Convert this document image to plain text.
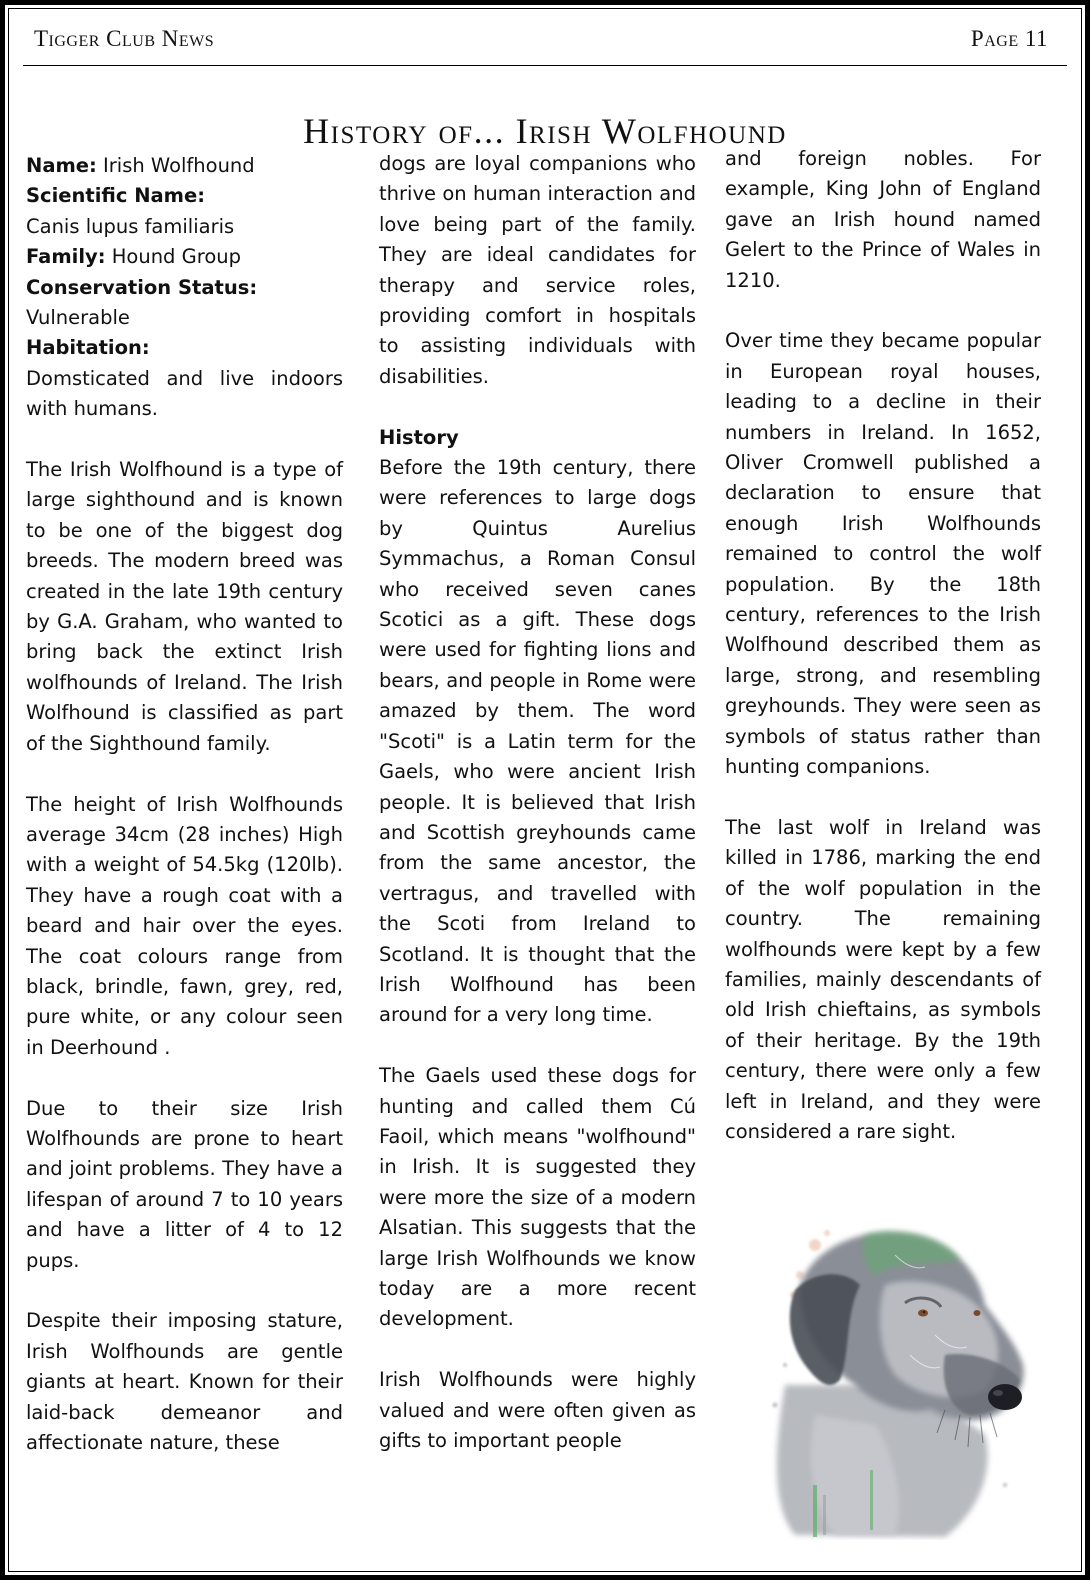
Tigger Club News	Page 11
History of... Irish Wolfhound
Name: Irish Wolfhound
Scientific Name:
Canis lupus familiaris
Family: Hound Group
Conservation Status:
Vulnerable
Habitation:
Domsticated and live indoors with humans.

The Irish Wolfhound is a type of large sighthound and is known to be one of the biggest dog breeds. The modern breed was created in the late 19th century by G.A. Graham, who wanted to bring back the extinct Irish wolfhounds of Ireland. The Irish Wolfhound is classified as part of the Sighthound family.

The height of Irish Wolfhounds average 34cm (28 inches) High with a weight of 54.5kg (120lb). They have a rough coat with a beard and hair over the eyes. The coat colours range from black, brindle, fawn, grey, red, pure white, or any colour seen in Deerhound .

Due to their size Irish Wolfhounds are prone to heart and joint problems. They have a lifespan of around 7 to 10 years and have a litter of 4 to 12 pups.

Despite their imposing stature, Irish Wolfhounds are gentle giants at heart. Known for their laid-back demeanor and affectionate nature, these

dogs are loyal companions who thrive on human interaction and love being part of the family. They are ideal candidates for therapy and service roles, providing comfort in hospitals to assisting individuals with disabilities.

History

Before the 19th century, there were references to large dogs by Quintus Aurelius Symmachus, a Roman Consul who received seven canes Scotici as a gift. These dogs were used for fighting lions and bears, and people in Rome were amazed by them. The word "Scoti" is a Latin term for the Gaels, who were ancient Irish people. It is believed that Irish and Scottish greyhounds came from the same ancestor, the vertragus, and travelled with the Scoti from Ireland to Scotland. It is thought that the Irish Wolfhound has been around for a very long time.

The Gaels used these dogs for hunting and called them Cú Faoil, which means "wolfhound" in Irish. It is suggested they were more the size of a modern Alsatian. This suggests that the large Irish Wolfhounds we know today are a more recent development.

Irish Wolfhounds were highly valued and were often given as gifts to important people

and foreign nobles. For example, King John of England gave an Irish hound named Gelert to the Prince of Wales in 1210.

Over time they became popular in European royal houses, leading to a decline in their numbers in Ireland. In 1652, Oliver Cromwell published a declaration to ensure that enough Irish Wolfhounds remained to control the wolf population. By the 18th century, references to the Irish Wolfhound described them as large, strong, and resembling greyhounds. They were seen as symbols of status rather than hunting companions.

The last wolf in Ireland was killed in 1786, marking the end of the wolf population in the country. The remaining wolfhounds were kept by a few families, mainly descendants of old Irish chieftains, as symbols of their heritage. By the 19th century, there were only a few left in Ireland, and they were considered a rare sight.
